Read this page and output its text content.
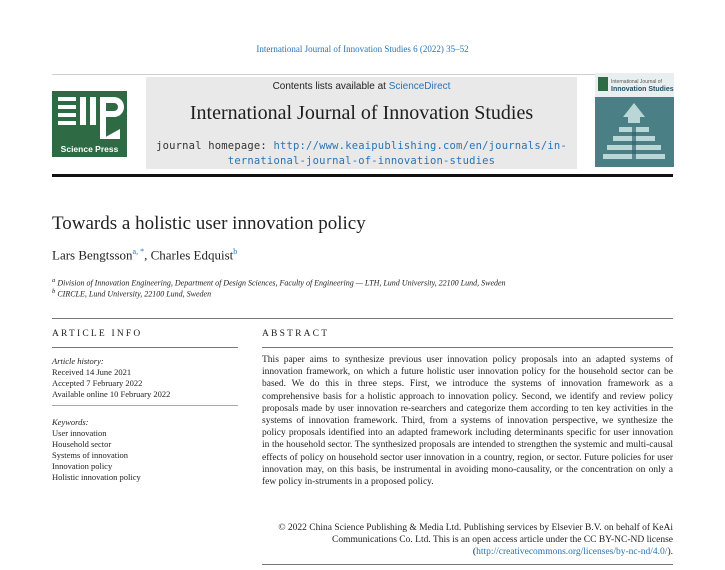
International Journal of Innovation Studies 6 (2022) 35–52
Science Press
Contents lists available at ScienceDirect
International Journal of Innovation Studies
journal homepage: http://www.keaipublishing.com/en/journals/in-
ternational-journal-of-innovation-studies
International Journal of
Innovation Studies
Towards a holistic user innovation policy
Lars Bengtsson$^{a, *}$, Charles Edquist$^b$
$^a$ Division of Innovation Engineering, Department of Design Sciences, Faculty of Engineering — LTH, Lund University, 22100 Lund, Sweden
$^b$ CIRCLE, Lund University, 22100 Lund, Sweden
ARTICLE INFO
Article history:
Received 14 June 2021
Accepted 7 February 2022
Available online 10 February 2022
Keywords:
User innovation
Household sector
Systems of innovation
Innovation policy
Holistic innovation policy
ABSTRACT

This paper aims to synthesize previous user innovation policy proposals into an adapted systems of innovation framework, on which a future holistic user innovation policy for the household sector can be based. We do this in three steps. First, we introduce the systems of innovation framework as a comprehensive basis for a holistic approach to innovation policy. Second, we identify and review policy proposals made by user innovation re-searchers and categorize them according to ten key activities in the systems of innovation framework. Third, from a systems of innovation perspective, we synthesize the policy proposals identified into an adapted framework including determinants specific for user innovation in the household sector. The synthesized proposals are intended to strengthen the systemic and multi-causal effects of policy on household sector user innovation in a country, region, or sector. Future policies for user innovation may, on this basis, be instrumental in avoiding mono-causality, or the concentration on only a few policy in-struments in a proposed policy.

© 2022 China Science Publishing & Media Ltd. Publishing services by Elsevier B.V. on behalf of KeAi Communications Co. Ltd. This is an open access article under the CC BY-NC-ND license (http://creativecommons.org/licenses/by-nc-nd/4.0/).
